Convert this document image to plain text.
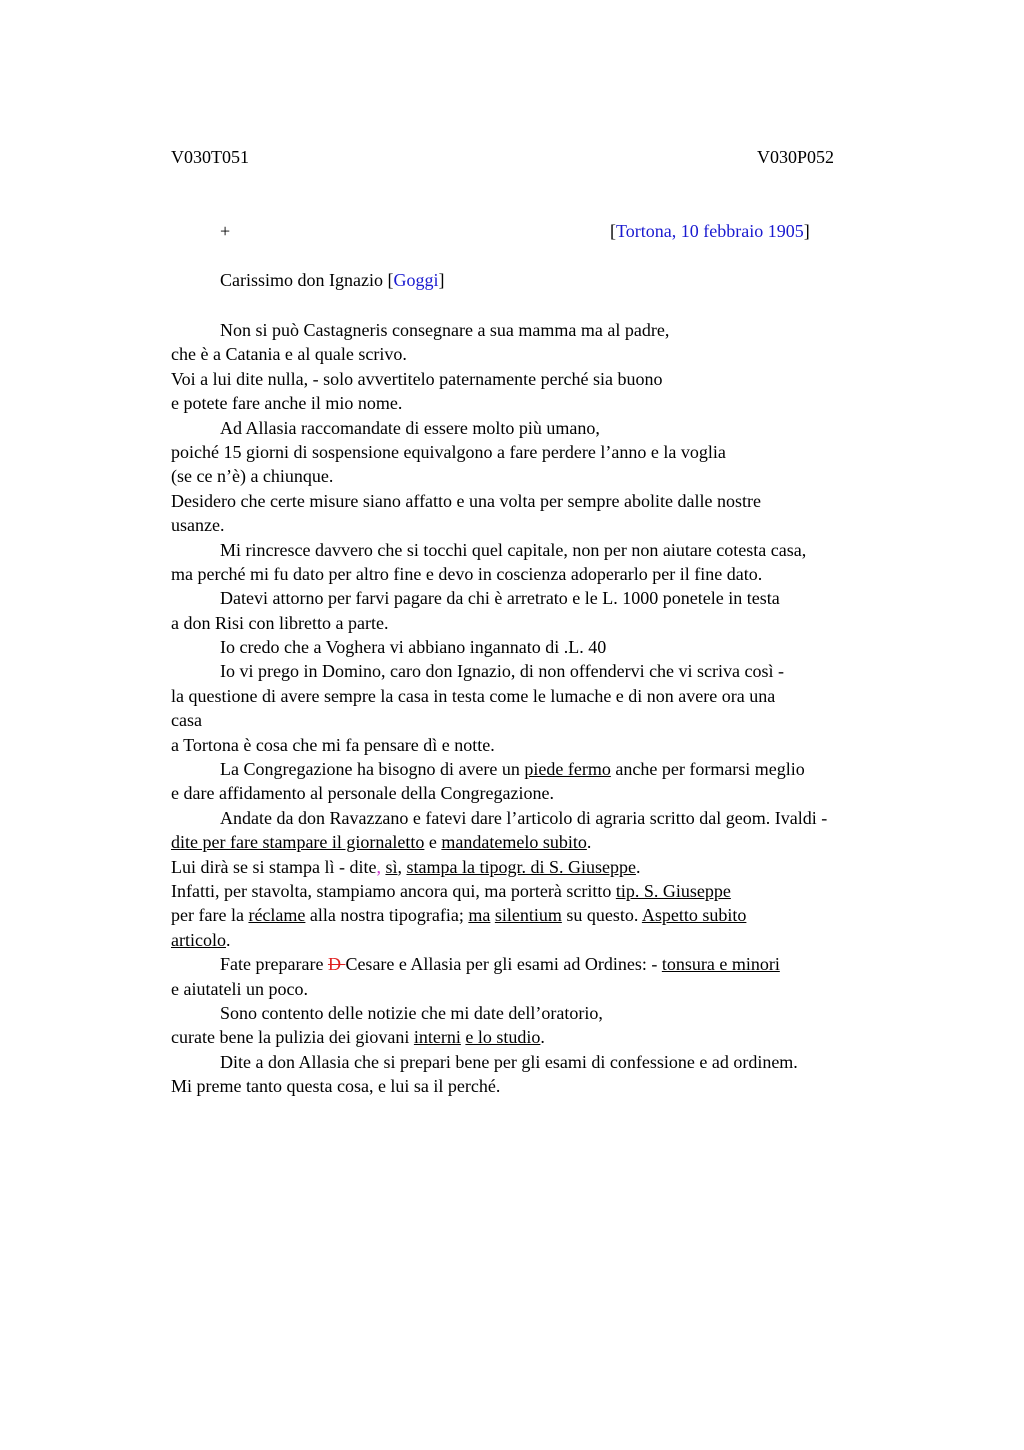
V030T051	V030P052
+	[Tortona, 10 febbraio 1905]
Carissimo don Ignazio [Goggi]
Non si può Castagneris consegnare a sua mamma ma al padre,
che è a Catania e al quale scrivo.
Voi a lui dite nulla, - solo avvertitelo paternamente perché sia buono
e potete fare anche il mio nome.
Ad Allasia raccomandate di essere molto più umano,
poiché 15 giorni di sospensione equivalgono a fare perdere l’anno e la voglia
(se ce n’è) a chiunque.
Desidero che certe misure siano affatto e una volta per sempre abolite dalle nostre
usanze.
Mi rincresce davvero che si tocchi quel capitale, non per non aiutare cotesta casa,
ma perché mi fu dato per altro fine e devo in coscienza adoperarlo per il fine dato.
Datevi attorno per farvi pagare da chi è arretrato e le L. 1000 ponetele in testa
a don Risi con libretto a parte.
Io credo che a Voghera vi abbiano ingannato di .L. 40
Io vi prego in Domino, caro don Ignazio, di non offendervi che vi scriva così -
la questione di avere sempre la casa in testa come le lumache e di non avere ora una
casa
a Tortona è cosa che mi fa pensare dì e notte.
La Congregazione ha bisogno di avere un piede fermo anche per formarsi meglio
e dare affidamento al personale della Congregazione.
Andate da don Ravazzano e fatevi dare l’articolo di agraria scritto dal geom. Ivaldi -
dite per fare stampare il giornaletto e mandatemelo subito.
Lui dirà se si stampa lì - dite, sì, stampa la tipogr. di S. Giuseppe.
Infatti, per stavolta, stampiamo ancora qui, ma porterà scritto tip. S. Giuseppe
per fare la réclame alla nostra tipografia; ma silentium su questo. Aspetto subito
articolo.
Fate preparare D Cesare e Allasia per gli esami ad Ordines: - tonsura e minori
e aiutateli un poco.
Sono contento delle notizie che mi date dell’oratorio,
curate bene la pulizia dei giovani interni e lo studio.
Dite a don Allasia che si prepari bene per gli esami di confessione e ad ordinem.
Mi preme tanto questa cosa, e lui sa il perché.
